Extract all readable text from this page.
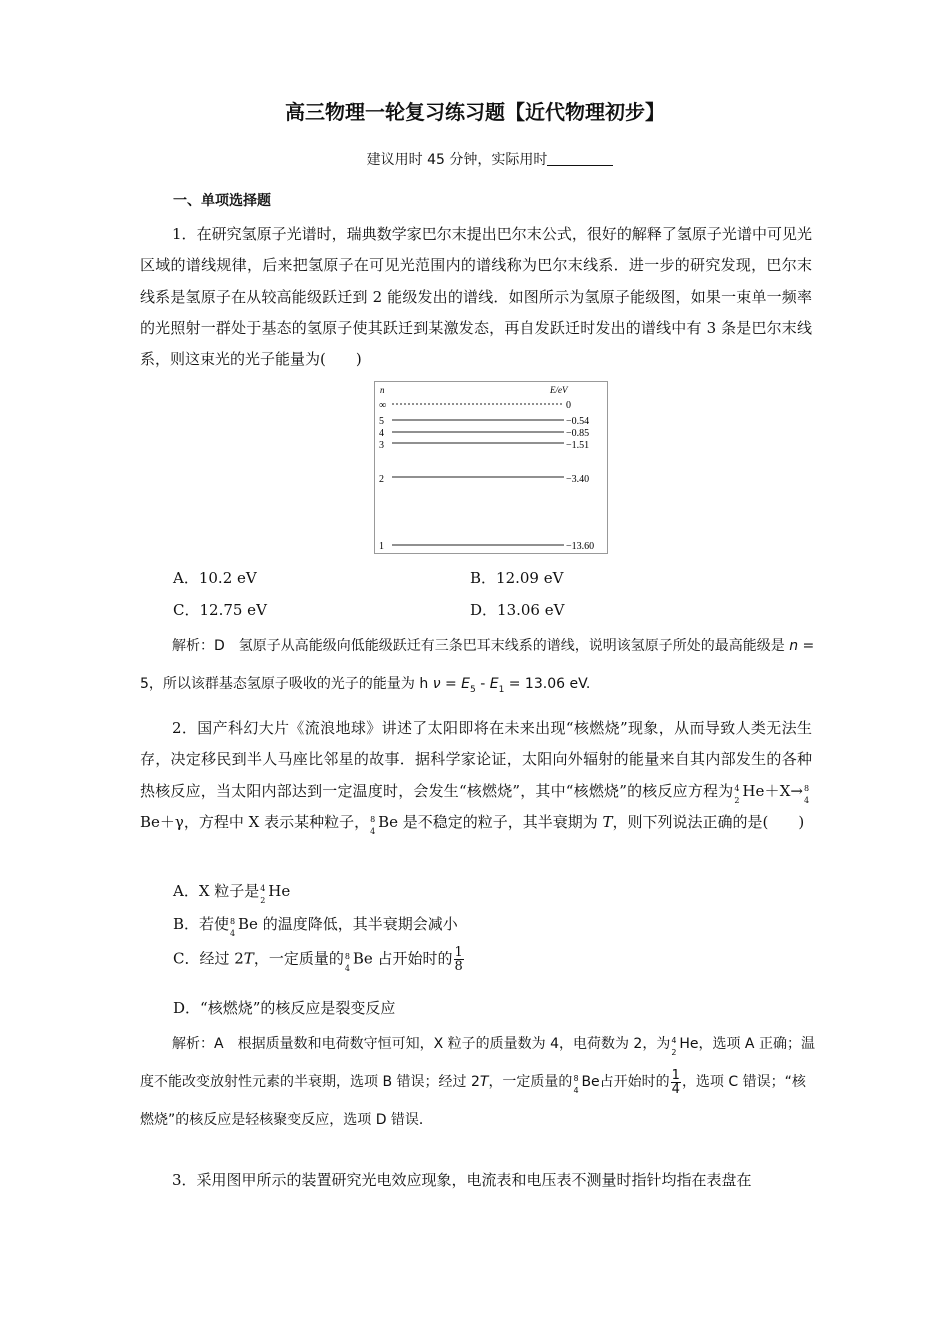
高三物理一轮复习练习题【近代物理初步】
建议用时 45 分钟，实际用时
一、单项选择题
1．在研究氢原子光谱时，瑞典数学家巴尔末提出巴尔末公式，很好的解释了氢原子光谱中可见光区域的谱线规律，后来把氢原子在可见光范围内的谱线称为巴尔末线系．进一步的研究发现，巴尔末线系是氢原子在从较高能级跃迁到 2 能级发出的谱线．如图所示为氢原子能级图，如果一束单一频率的光照射一群处于基态的氢原子使其跃迁到某激发态，再自发跃迁时发出的谱线中有 3 条是巴尔末线系，则这束光的光子能量为(　　)
n	E/eV
∞	0
5	−0.54
4	−0.85
3	−1.51
2	−3.40
1	−13.60
A．10.2 eV	B．12.09 eV
C．12.75 eV	D．13.06 eV
解析：D　氢原子从高能级向低能级跃迁有三条巴耳末线系的谱线，说明该氢原子所处的最高能级是 n = 5，所以该群基态氢原子吸收的光子的能量为 h $\nu = E_5 - E_1 = 13.06$ eV.
2．国产科幻大片《流浪地球》讲述了太阳即将在未来出现“核燃烧”现象，从而导致人类无法生存，决定移民到半人马座比邻星的故事．据科学家论证，太阳向外辐射的能量来自其内部发生的各种热核反应，当太阳内部达到一定温度时，会发生“核燃烧”，其中“核燃烧”的核反应方程为 4
2
He＋X→ 8
4
Be＋γ，方程中 X 表示某种粒子， 8
4
Be 是不稳定的粒子，其半衰期为 T，则下列说法正确的是(　　)
A．X 粒子是 4
2
He
B．若使 8
4
Be 的温度降低，其半衰期会减小
C．经过 2T，一定质量的 8
4
Be 占开始时的 $\frac{1}{8}$
D．“核燃烧”的核反应是裂变反应
解析：A　根据质量数和电荷数守恒可知，X 粒子的质量数为 4，电荷数为 2，为 4
2
He，选项 A 正确；温度不能改变放射性元素的半衰期，选项 B 错误；经过 2T，一定质量的 8
4
Be占开始时的 $\frac{1}{4}$ ，选项 C 错误；“核燃烧”的核反应是轻核聚变反应，选项 D 错误．
3．采用图甲所示的装置研究光电效应现象，电流表和电压表不测量时指针均指在表盘在
